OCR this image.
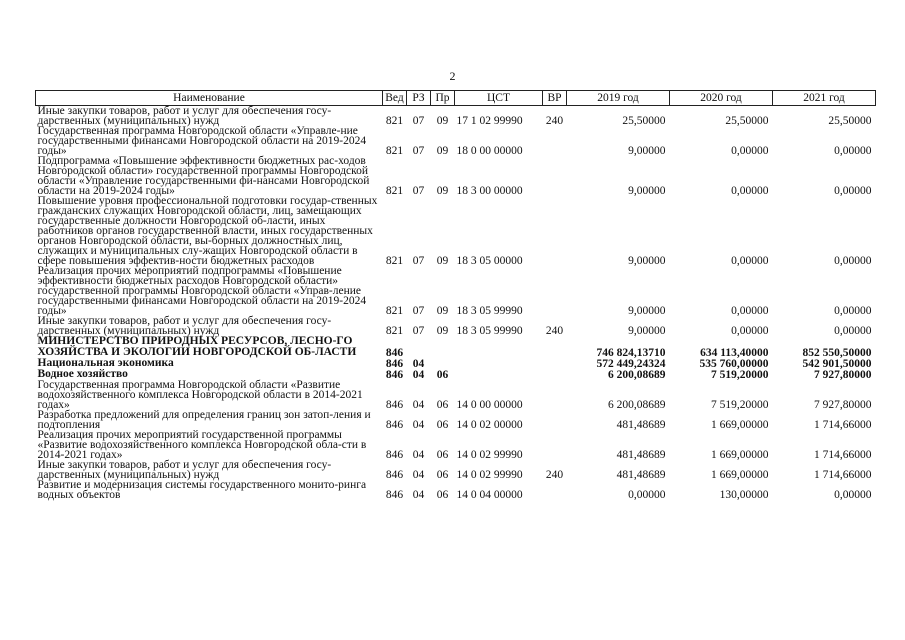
2
Наименование	Вед	РЗ	Пр	ЦСТ	ВР	2019 год	2020 год	2021 год
Иные закупки товаров, работ и услуг для обеспечения госу-дарственных (муниципальных) нужд	821	07	09	17 1 02 99990	240	25,50000	25,50000	25,50000
Государственная программа Новгородской области «Управле-ние государственными финансами Новгородской области на 2019-2024 годы»	821	07	09	18 0 00 00000		9,00000	0,00000	0,00000
Подпрограмма «Повышение эффективности бюджетных рас-ходов Новгородской области» государственной программы Новгородской области «Управление государственными фи-нансами Новгородской области на 2019-2024 годы»	821	07	09	18 3 00 00000		9,00000	0,00000	0,00000
Повышение уровня профессиональной подготовки государ-ственных гражданских служащих Новгородской области, лиц, замещающих государственные должности Новгородской об-ласти, иных работников органов государственной власти, иных государственных органов Новгородской области, вы-борных должностных лиц, служащих и муниципальных слу-жащих Новгородской области в сфере повышения эффектив-ности бюджетных расходов	821	07	09	18 3 05 00000		9,00000	0,00000	0,00000
Реализация прочих мероприятий подпрограммы «Повышение эффективности бюджетных расходов Новгородской области» государственной программы Новгородской области «Управ-ление государственными финансами Новгородской области на 2019-2024 годы»	821	07	09	18 3 05 99990		9,00000	0,00000	0,00000
Иные закупки товаров, работ и услуг для обеспечения госу-дарственных (муниципальных) нужд	821	07	09	18 3 05 99990	240	9,00000	0,00000	0,00000
МИНИСТЕРСТВО ПРИРОДНЫХ РЕСУРСОВ, ЛЕСНО-ГО ХОЗЯЙСТВА И ЭКОЛОГИИ НОВГОРОДСКОЙ ОБ-ЛАСТИ	846					746 824,13710	634 113,40000	852 550,50000
Национальная экономика	846	04				572 449,24324	535 760,00000	542 901,50000
Водное хозяйство	846	04	06			6 200,08689	7 519,20000	7 927,80000
Государственная программа Новгородской области «Развитие водохозяйственного комплекса Новгородской области в 2014-2021 годах»	846	04	06	14 0 00 00000		6 200,08689	7 519,20000	7 927,80000
Разработка предложений для определения границ зон затоп-ления и подтопления	846	04	06	14 0 02 00000		481,48689	1 669,00000	1 714,66000
Реализация прочих мероприятий государственной программы «Развитие водохозяйственного комплекса Новгородской обла-сти в 2014-2021 годах»	846	04	06	14 0 02 99990		481,48689	1 669,00000	1 714,66000
Иные закупки товаров, работ и услуг для обеспечения госу-дарственных (муниципальных) нужд	846	04	06	14 0 02 99990	240	481,48689	1 669,00000	1 714,66000
Развитие и модернизация системы государственного монито-ринга водных объектов	846	04	06	14 0 04 00000		0,00000	130,00000	0,00000
